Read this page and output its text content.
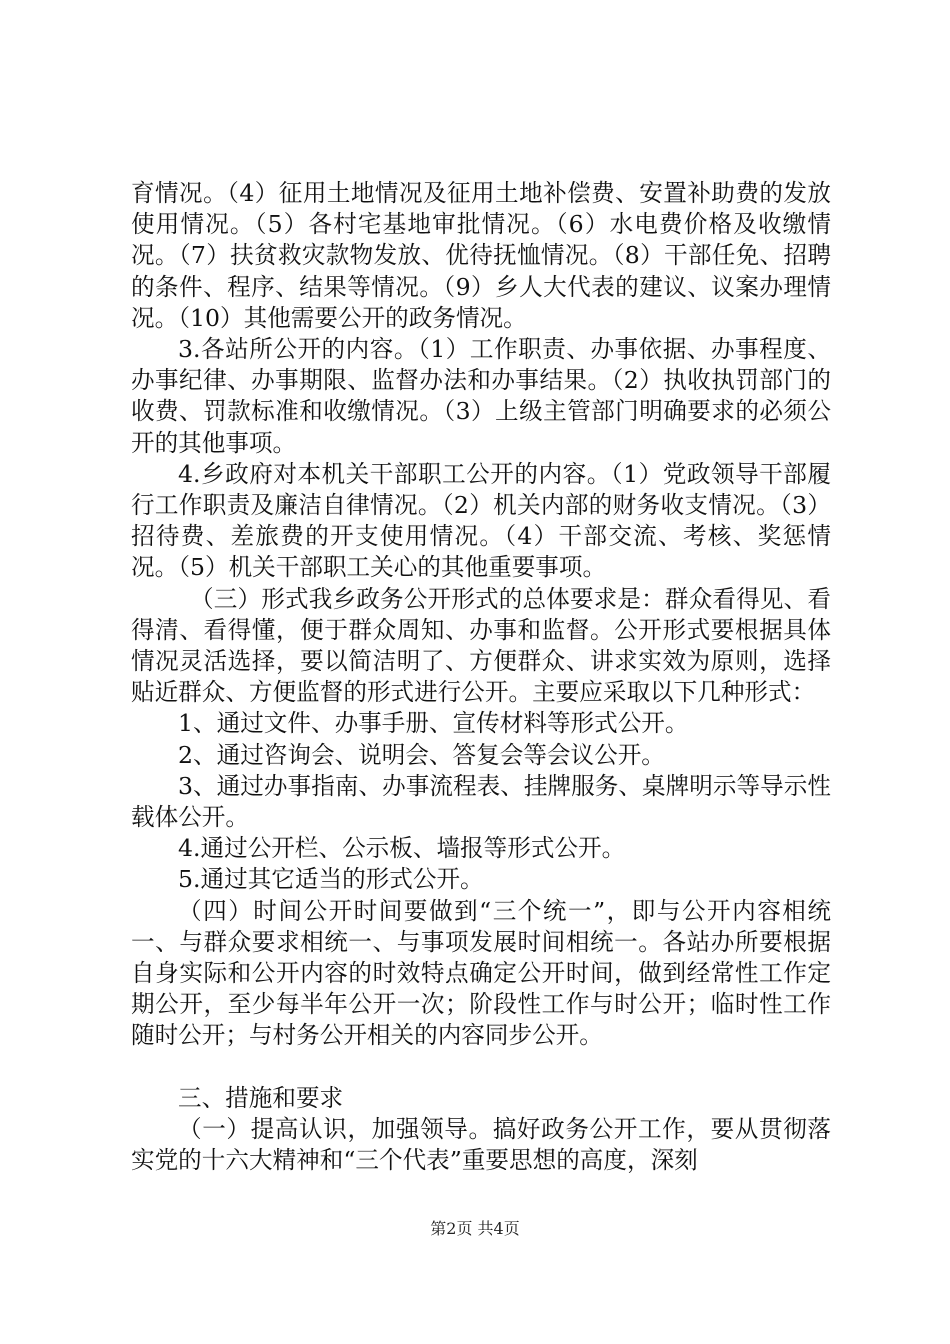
育情况。（4）征用土地情况及征用土地补偿费、安置补助费的发放使用情况。（5）各村宅基地审批情况。（6）水电费价格及收缴情况。（7）扶贫救灾款物发放、优待抚恤情况。（8）干部任免、招聘的条件、程序、结果等情况。（9）乡人大代表的建议、议案办理情况。（10）其他需要公开的政务情况。

3.各站所公开的内容。（1）工作职责、办事依据、办事程度、办事纪律、办事期限、监督办法和办事结果。（2）执收执罚部门的收费、罚款标准和收缴情况。（3）上级主管部门明确要求的必须公开的其他事项。

4.乡政府对本机关干部职工公开的内容。（1）党政领导干部履行工作职责及廉洁自律情况。（2）机关内部的财务收支情况。（3）招待费、差旅费的开支使用情况。（4）干部交流、考核、奖惩情况。（5）机关干部职工关心的其他重要事项。

（三）形式我乡政务公开形式的总体要求是：群众看得见、看得清、看得懂，便于群众周知、办事和监督。公开形式要根据具体情况灵活选择，要以简洁明了、方便群众、讲求实效为原则，选择贴近群众、方便监督的形式进行公开。主要应采取以下几种形式：

1、通过文件、办事手册、宣传材料等形式公开。

2、通过咨询会、说明会、答复会等会议公开。

3、通过办事指南、办事流程表、挂牌服务、桌牌明示等导示性载体公开。

4.通过公开栏、公示板、墙报等形式公开。

5.通过其它适当的形式公开。

（四）时间公开时间要做到“三个统一”，即与公开内容相统一、与群众要求相统一、与事项发展时间相统一。各站办所要根据自身实际和公开内容的时效特点确定公开时间，做到经常性工作定期公开，至少每半年公开一次；阶段性工作与时公开；临时性工作随时公开；与村务公开相关的内容同步公开。

三、措施和要求

（一）提高认识，加强领导。搞好政务公开工作，要从贯彻落实党的十六大精神和“三个代表”重要思想的高度，深刻

第2页 共4页
